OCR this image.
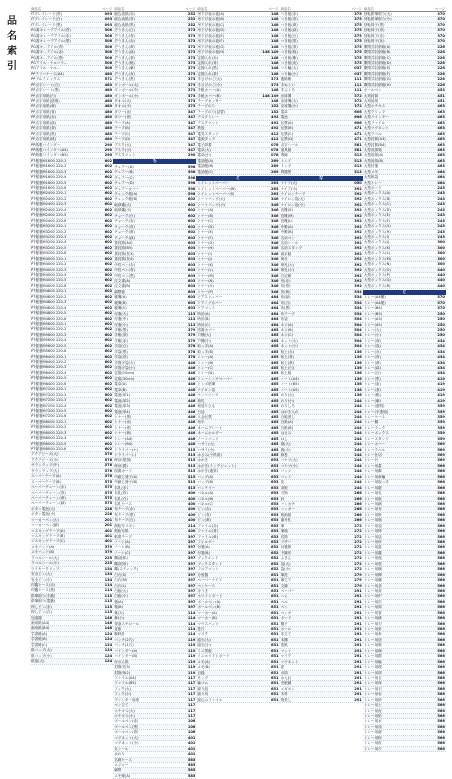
品名索引
商品名	ページ
ITプレイレード(青)	093
ITプレイレード(白)	093
ITプレイレード(黒)	093
PG書キレーデアイル(青)	506
PG書キレーデアイル(赤)	506
PG書キレーデアイル(黒)	506
PG書キ…アイル(青)	506
PG書キ…アイル(赤)	506
PG書キ…アイル(黒)	506
PGアイル・ケルバラ…	506
PGアイル・ケル…	506
PPテフバケース(A4)	480
PPブルミレックス	571
PP点字シート(白)	480
PP点字シート(黒)	480
PP点字用紙(白)	480
PP点字用紙(透明)	480
PP点字用紙(黄)	480
PP点字用紙(青)	480
PP点字用紙(赤)	480
PP点字用紙(緑)	480
PP点字用紙(茶)	480
PP点字用紙(黒)	480
PP点字用紙(桃)	480
PP紙製バインダー	290
PP紙製バインダー(A4)	290
PP紙製バインダー(B5)	290
PT便箋M1600 220-1	602
PT便箋M1600 220-2	602
PT便箋M1600 220-3	602
PT便箋M1600 220-4	602
PT便箋M1600 220-5	602
PT便箋M1600 220-6	602
PT便箋M2400 220-1	602
PT便箋M2400 220-2	602
PT便箋M2400 220-3	602
PT便箋M2400 220-4	602
PT便箋M2400 220-5	602
PT便箋M2400 220-6	602
PT便箋M3200 220-1	602
PT便箋M3200 220-2	602
PT便箋M3200 220-3	602
PT便箋M3200 220-4	602
PT便箋M3200 220-5	602
PT便箋M3200 220-6	602
PT便箋M4000 220-1	602
PT便箋M4000 220-2	602
PT便箋M4000 220-3	602
PT便箋M4000 220-4	602
PT便箋M4000 220-5	602
PT便箋M4000 220-6	602
PT便箋M4800 220-1	602
PT便箋M4800 220-2	602
PT便箋M4800 220-3	602
PT便箋M4800 220-4	602
PT便箋M4800 220-5	602
PT便箋M4800 220-6	602
PT便箋M5600 220-1	602
PT便箋M5600 220-2	602
PT便箋M5600 220-3	602
PT便箋M5600 220-4	602
PT便箋M5600 220-5	602
PT便箋M5600 220-6	602
PT便箋M6400 220-1	602
PT便箋M6400 220-2	602
PT便箋M6400 220-3	602
PT便箋M6400 220-4	602
PT便箋M6400 220-5	602
PT便箋M6400 220-6	602
PT便箋M7200 220-1	602
PT便箋M7200 220-2	602
PT便箋M7200 220-3	602
PT便箋M7200 220-4	602
PT便箋M7200 220-5	602
PT便箋M7200 220-6	602
PT便箋M8000 220-1	602
PT便箋M8000 220-2	602
PT便箋M8000 220-3	602
PT便箋M8000 220-4	602
PT便箋M8000 220-5	602
PT便箋M8000 220-6	602
アクアビーズ(大)	576
アクアビーズ(小)	576
サランラップ(中)	576
サランラップ(大)	576
スーパーテープ(A)	576
スーパーテープ(B)	575
ペーパーチェーン(赤)	575
ペーパーチェーン(青)	575
ペーパーチェーン(黄)	575
ペーパーチェーン(緑)	575
ボタン電池(大)	228
ボタン電池(小)	228
マーカーペン(太)	201
マーカーペン(細)	201
マスキングテープ(A)	401
マスキングテープ(B)	401
マスキングテープ(C)	401
メモパッド(A)	379
メモパッド(B)	379
ラベルシール(大)	225
ラベルシール(小)	225
ワイヤークリップ	134
安全ピン(大)	134
安全ピン(小)	134
印鑑ケース(赤)	114
印鑑ケース(黒)	114
鉛筆削り(手動)	115
鉛筆削り(電動)	115
押しピン(赤)	115
押しピン(白)	115
加湿器	146
画用紙(A4)	146
画用紙(B4)	146
学習帳(A)	124
学習帳(B)	124
学習帳(C)	124
紙コップ(大)	124
紙コップ(小)	124
紙皿(大)	124
商品名	ページ
綴込表紙(赤)	252
綴込表紙(青)	252
綴込表紙(黒)	252
ぞうきん(白)	373
ぞうきん(青)	373
ぞうきん(赤)	373
ぞうきん(黄)	373
ぞうきん(緑)	373
ぞうきん(茶)	373
ぞうきん(桃)	373
ぞうきん(紫)	373
ぞうきん(灰)	373
ぞうきん(黒)	373
ダンボール(大)	373
ダンボール(中)	373
ダンボール(小)	373
タオル(大)	373
タオル(小)	373
タワー(赤)	347
タワー(青)	347
テープ(A)	347
テープ(B)	347
テープ(C)	347
テープ(D)	347
デスク(大)	347
デスク(小)	347
デスクマット	290
ち
チェアー(A)	598
チェアー(B)	598
チェアー(C)	598
チェアー(D)	598
チェアーカバー	598
チェック帳(A)	598
チェック帳(B)	602
地球儀(大)	602
地球儀(小)	602
チョーク(白)	602
チョーク(赤)	602
チョーク(青)	602
チョーク(黄)	602
チョーク(緑)	602
茶封筒(A4)	603
茶封筒(B5)	603
茶封筒(長3)	603
茶封筒(長4)	603
中性ペン(赤)	603
中性ペン(青)	603
中性ペン(黒)	603
注文書(A)	603
注文書(B)	603
調整板	603
帳簿(A)	603
帳簿(B)	603
帳簿(C)	603
付箋(大)	113
付箋(中)	113
付箋(小)	113
手帳(黒)	379
手帳(茶)	379
手帳(赤)	379
手袋(白)	378
手袋(黒)	378
手袋(青)	378
手提げ袋(大)	446
手提げ袋(小)	446
定規(15cm)	446
定規(30cm)	446
電卓(A)	446
電卓(B)	446
電池(単1)	446
電池(単2)	446
電池(単3)	446
電池(単4)	446
トナー(黒)	446
トナー(赤)	446
トナー(青)	446
トナー(黄)	446
トレー(A4)	446
トレー(B4)	446
ドライバー(+)	515
ドライバー(-)	515
時計(壁掛)	515
時計(置)	515
図書カード	515
中綴じ冊子(A)	515
中綴じ冊子(B)	515
名札(赤)	515
名札(青)	400
名札(白)	400
名札ケース	400
布テープ(赤)	400
布テープ(黒)	400
布テープ(白)	400
熱転写リボン	214
熱転写紙	400
粘着テープ	397
ノート(A)	397
ノート(B)	397
ノート(C)	397
糊(液体)	397
糊(固形)	397
糊(スティック)	397
白衣(S)	397
白衣(M)	397
白衣(L)	397
白板(大)	397
白板(小)	397
箱(A)	397
箱(B)	397
鉢(大)	114
鉢(小)	114
発泡スチロール	114
花瓶	114
腕時計	114
パンチ(2穴)	119
パンチ(1穴)	119
バインダー(A)	119
バインダー(B)	119
付せん紙	119
封筒(長3)	119
封筒(角2)	119
ファイル(A4)	117
ファイル(B5)	117
フック(大)	117
フック(小)	117
プリンター用紙	117
ペン立て	117
ホチキス(大)	117
ホチキス(小)	117
ボールペン(赤)	106
ボールペン(黒)	106
ボールペン(青)	106
マグネット(大)	401
マグネット(小)	401
丸シール	401
水のり	401
名刺ケース	585
メジャー	585
綿棒	585
メモ帳(A)	585
商品名	ページ
吊下げ表示板(A)	148
吊下げ表示板(B)	148
吊下げ表示板(C)	148
吊下げ表示板(D)	148
吊下げ表示板(E)	148
吊下げ表示板(F)	148
吊下げ表示板(G)	148
吊下げ表示板(H)	148 149
定期入れ(赤)	148
定期入れ(青)	148
定期入れ(黒)	148
定期入れ(茶)	148
手さげかご(大)	373
手さげかご(小)	373
手帳カバー(A)	148
手帳カバー(B)	148 149
テープカッター	148
テープのり	152
テープのり(詰替)	152
デスクトレー	492
デスクマット	492
鉄板	492
電気スタンド	412
電源タップ	412
電子辞書	078
電卓(大)	078
電卓(小)	078
電話帳(A)	269
電話帳(B)	269
電話帳(C)	269
と
トイレットペーパー	263
トイレットペーパー(W)	263
トイレットペーパー(S)	263
トートバッグ(大)	346
トートバッグ(小)	346
トナー(A)	346
トナー(B)	346
トナー(C)	346
トナー(D)	346
トナー(E)	346
トナー(F)	346
トナー(G)	346
トナー(H)	346
トナー(I)	346
トナー(J)	346
トナー(K)	346
トナー(L)	346
トナー(M)	346
トナー(N)	346
トナー(O)	346
トナー(P)	346
ドアストッパー	464
ドアノブカバー	464
ドアマット	464
時計(A)	464
時計(B)	464
時計(C)	464
図書カバー	465
戸棚(大)	465
戸棚(小)	465
取っ手(A)	465
取っ手(B)	465
トレー(A)	465
トレー(B)	465
トレー(C)	465
トレー(D)	465
トレーシングペーパー	465
トンボ鉛筆	465
ナイロン袋	465
ナンバリング	465
荷札	465
荷造りひも	465
日誌	465
入金伝票	465
布巾	465
ネームプレート	465
ネームホルダー	465
ノートパッド	465
ハサミ(大)	465
ハサミ(小)	465
はさみ(子供用)	465
はがき	653
はがき(インクジェット)	653
はがき(通常)	653
バッグ(A)	653
バッグ(B)	653
バッテリー	653
パネル(A)	653
パネル(B)	653
パネル(C)	653
ピン(赤)	653
ピン(青)	653
ピン(黄)	653
ファイル(赤)	653
ファイル(青)	653
ファイル(黄)	653
フォルダー	653
付箋(A)	652
付箋(B)	652
ブックエンド	652
ブックスタンド	652
フロアマット	652
分度器	651
ペーパーナイフ	651
ペンケース	651
ほうき	651
ホワイトボード	651
ボールペン(A)	651
ボールペン(B)	651
マーカー(A)	651
マーカー(B)	651
マウスパッド	651
巻尺	651
マスク	651
磁石(大)	651
磁石(小)	651
ミニ黒板	651
ミニホワイトボード	651
メモ(A)	651
メモ(B)	651
目録	651
モップ	651
輪ゴム	651
綴り紐	651
綴り具	651
綴込みファイル	651
商品名	ページ
つき板(赤)	375
つき板(青)	375
つき板(黄)	375
つき板(緑)	375
つき板(白)	375
つき板(黒)	375
つき板(茶)	375
つき板(桃)	375
つき板(紫)	375
つき板(灰)	375
つり輪(大)	037
つり輪(小)	037
連絡帳	111
手ぬぐい	111
手ぶくろ	111
出席簿	372
出席簿(大)	372
出席簿(小)	372
電卓	606
電池	606
伝票(A)	606
伝票(B)	471
伝票(C)	471
伝票(D)	471
点字シール	581
道具箱	581
導線	513
トレイ	513
トング	513
問題集	513
な
ナイフ(大)	050
ナイフ(小)	392
ナイロンテープ	392
ナイロン袋(大)	392
ナイロン袋(小)	392
長靴(S)	392
長靴(M)	392
長靴(L)	392
中敷(A)	392
中敷(B)	392
名前ペン	392
名前シール	392
名前スタンプ	392
南京錠	392
荷台	392
荷札(大)	392
荷札(小)	392
日記帳	392
布(赤)	392
布(青)	392
布(黄)	534
布(緑)	534
布(白)	534
布(黒)	534
布テープ	534
布袋	504
ネジ(A)	504
ネジ(B)	504
ネジ(C)	504
ネット(大)	504
ネット(小)	504
粘土(赤)	136
粘土(青)	136
粘土(黄)	136
粘土(白)	136
粘土板	136
ノート(A4)	136
ノート(B5)	136
ノート(A5)	136
のり(大)	136
のり(小)	244
のりしろ	244
はがき入れ	244
白板消し	244
白紙(A)	244
白紙(B)	244
はさみ	244
はし	244
旗(大)	244
旗(小)	244
鉢巻	244
バケツ(大)	244
バケツ(小)	244
バッジ	244
バット	244
花	244
羽根	244
刃物	266
針	266
ハンカチ	266
ハンガー	266
版画板	266
番号札	266
筆	272
筆箱	272
封筒	272
ブザー	272
付箋紙	272
不織布	272
ふきん	272
袋(大)	272
袋(小)	272
筆洗	279
筆立て	279
文鎮	279
ペーパー	291
へら	291
ベル	291
ペン	291
ペンキ	291
ボード	291
帽子	291
ボール	291
本立て	291
本棚	291
巻紙	291
マット	291
マイク	291
マグネット	291
窓	291
水筒	291
水入れ	291
虫眼鏡	291
メガホン	291
木材	291
物差し	291
商品名	ページ
回転鉛筆削り(大)	370
回転鉛筆削り(小)	370
回転椅子(黒)	370
回転椅子(青)	370
回転椅子(赤)	370
回転椅子(灰)	370
開閉式収納箱(A)	226
開閉式収納箱(B)	226
開閉式収納箱(C)	226
開閉式収納箱(D)	226
開閉式収納箱(E)	226
開閉式収納箱(F)	226
開閉式収納箱(G)	226
開閉式収納箱(H)	226
ボールペン	453
大判封筒	451
大判用紙	451
大型ホチキス	463
大型クリップ	463
大型バインダー	463
大型ファイル	463
大型マグネット	463
大型ラベル	463
大型封筒(A3)	463
大型封筒(B4)	463
大型収納箱	463
大型用紙(A)	463
大型用紙(B)	463
大型付箋	463
大型メモ	464
大型紙袋	464
大型トレー	464
大型ボード	243
大型ボックス(A)	243
大型ボックス(B)	243
大型ボックス(C)	243
大型ボックス(D)	243
大型ボックス(E)	243
大型ボックス(F)	243
大型ボックス(G)	243
大型ボックス(H)	243
大型ボックス(I)	243
大型ボックス(J)	300
大型ボックス(K)	300
大型ボックス(L)	300
大型ボックス(M)	300
大型ボックス(N)	300
大型ボックス(O)	440
大型ボックス(P)	440
大型ボックス(Q)	440
大型ボックス(R)	440
と
トレー(A4横)	570
トレー(A4縦)	570
トレー(B4)	570
トレー(B5)	250
トレー(A3)	250
トレー(A5)	250
トレー(大)	250
トレー(小)	250
トレー(深)	434
トレー(浅)	434
トレー(赤)	434
トレー(青)	434
トレー(黄)	434
トレー(緑)	434
トレー(白)	434
トレー(黒)	419
トレー(灰)	419
トレー(茶)	419
トレー(桃)	419
トレー(紫)	419
トレー(透明)	359
トレー(半透明)	359
トレーケース	359
トレー棚	359
トレーラック	359
トレーボックス	359
トレースタンド	359
トレーカバー	569
トレーラベル	569
トレー仕切	569
トレー台	569
トレー用蓋	566
トレー用脚	566
トレー用車輪	566
トレー用取っ手	566
トレー用鍵	566
トレー用札	566
トレー用板	566
トレー用網	566
トレー用布	566
トレー用紙	566
トレー用箱	566
トレー用袋	566
トレー用棒	566
トレー用皿	566
トレー用杯	566
トレー用盆	566
トレー用籠	566
トレー用瓶	566
トレー用壺	566
トレー用桶	566
トレー用樽	566
トレー用鍋	566
トレー用釜	566
トレー用窯	566
トレー用炉	566
トレー用缶	566
トレー用筒	566
トレー用管	566
トレー用鋏	566
トレー用刃	566
トレー用針	566
トレー用糸	566
トレー用紐	566
トレー用帯	566
トレー用綱	566
トレー用鎖	566
トレー用輪	566
トレー用環	566
トレー用球	566
トレー用玉	566
トレー用珠	566
トレー用石	566
トレー用岩	566
トレー用砂	566
トレー用土	566
トレー用泥	566
トレー用粘	566
トレー用水	566
トレー用油	566
トレー用液	566
トレー用粉	566
トレー用粒	566
トレー用片	566
